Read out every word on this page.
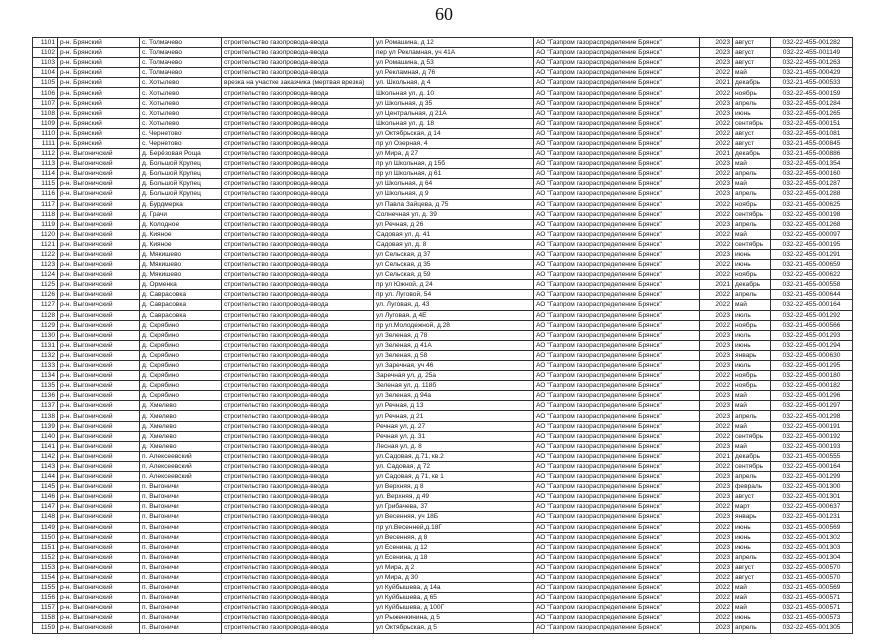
60
1101	р-н. Брянский	с. Толмачево	строительство газопровода-ввода	ул Ромашина, д 12	АО "Газпром газораспределение Брянск"	2023	август	032-22-455-001282
1102	р-н. Брянский	с. Толмачево	строительство газопровода-ввода	пер ул Рекламная, уч 41А	АО "Газпром газораспределение Брянск"	2023	август	032-22-455-001149
1103	р-н. Брянский	с. Толмачево	строительство газопровода-ввода	ул Ромашина, д 53	АО "Газпром газораспределение Брянск"	2023	август	032-22-455-001263
1104	р-н. Брянский	с. Толмачево	строительство газопровода-ввода	ул Рекламная, д 76	АО "Газпром газораспределение Брянск"	2022	май	032-21-455-000429
1105	р-н. Брянский	с. Хотылево	врезка на участке заказчика (мертвая врезка)	ул. Школьная, д 4	АО "Газпром газораспределение Брянск"	2021	декабрь	032-21-455-000533
1106	р-н. Брянский	с. Хотылево	строительство газопровода-ввода	Школьная ул, д. 10	АО "Газпром газораспределение Брянск"	2022	ноябрь	032-22-455-000159
1107	р-н. Брянский	с. Хотылево	строительство газопровода-ввода	ул Школьная, д 35	АО "Газпром газораспределение Брянск"	2023	апрель	032-22-455-001284
1108	р-н. Брянский	с. Хотылево	строительство газопровода-ввода	ул Центральная, д 21А	АО "Газпром газораспределение Брянск"	2023	июнь	032-22-455-001265
1109	р-н. Брянский	с. Хотылево	строительство газопровода-ввода	Школьная ул, д. 18	АО "Газпром газораспределение Брянск"	2022	сентябрь	032-22-455-000151
1110	р-н. Брянский	с. Чернетово	строительство газопровода-ввода	ул Октябрьская, д 14	АО "Газпром газораспределение Брянск"	2022	август	032-22-455-001081
1111	р-н. Брянский	с. Чернетово	строительство газопровода-ввода	пр ул Озерная, 4	АО "Газпром газораспределение Брянск"	2022	август	032-21-455-000845
1112	р-н. Выгоничский	д. Берёзовая Роща	строительство газопровода-ввода	ул Мира, д 27	АО "Газпром газораспределение Брянск"	2021	декабрь	032-21-455-000886
1113	р-н. Выгоничский	д. Большой Крупец	строительство газопровода-ввода	пр ул Школьная, д 15б	АО "Газпром газораспределение Брянск"	2023	май	032-22-455-001354
1114	р-н. Выгоничский	д. Большой Крупец	строительство газопровода-ввода	пр ул Школьная, д 61	АО "Газпром газораспределение Брянск"	2022	апрель	032-22-455-000160
1115	р-н. Выгоничский	д. Большой Крупец	строительство газопровода-ввода	ул Школьная, д 64	АО "Газпром газораспределение Брянск"	2023	май	032-22-455-001287
1116	р-н. Выгоничский	д. Большой Крупец	строительство газопровода-ввода	ул Школьная, д 9	АО "Газпром газораспределение Брянск"	2023	апрель	032-22-455-001288
1117	р-н. Выгоничский	д. Бурдмерка	строительство газопровода-ввода	ул Павла Зайцева, д 75	АО "Газпром газораспределение Брянск"	2022	ноябрь	032-21-455-000625
1118	р-н. Выгоничский	д. Грачи	строительство газопровода-ввода	Солнечная ул, д. 39	АО "Газпром газораспределение Брянск"	2022	сентябрь	032-22-455-000198
1119	р-н. Выгоничский	д. Колодное	строительство газопровода-ввода	ул Речная, д 26	АО "Газпром газораспределение Брянск"	2023	апрель	032-22-455-001268
1120	р-н. Выгоничский	д. Кияное	строительство газопровода-ввода	Садовая ул, д. 41	АО "Газпром газораспределение Брянск"	2022	май	032-22-455-000097
1121	р-н. Выгоничский	д. Кияное	строительство газопровода-ввода	Садовая ул, д. 8	АО "Газпром газораспределение Брянск"	2022	сентябрь	032-22-455-000195
1122	р-н. Выгоничский	д. Мякишево	строительство газопровода-ввода	ул Сельская, д 37	АО "Газпром газораспределение Брянск"	2023	июнь	032-22-455-001291
1123	р-н. Выгоничский	д. Мякишево	строительство газопровода-ввода	ул Сельская, д 35	АО "Газпром газораспределение Брянск"	2022	июнь	032-21-455-000659
1124	р-н. Выгоничский	д. Мякишево	строительство газопровода-ввода	ул Сельская, д 59	АО "Газпром газораспределение Брянск"	2022	ноябрь	032-22-455-000622
1125	р-н. Выгоничский	д. Орменка	строительство газопровода-ввода	пр ул Южной, д 24	АО "Газпром газораспределение Брянск"	2021	декабрь	032-21-455-000558
1126	р-н. Выгоничский	д. Саврасовка	строительство газопровода-ввода	пр ул. Луговой, 54	АО "Газпром газораспределение Брянск"	2022	апрель	032-21-455-000644
1127	р-н. Выгоничский	д. Саврасовка	строительство газопровода-ввода	ул. Луговая, д. 43	АО "Газпром газораспределение Брянск"	2022	май	032-22-455-000164
1128	р-н. Выгоничский	д. Саврасовка	строительство газопровода-ввода	ул Луговая, д 4Е	АО "Газпром газораспределение Брянск"	2023	июль	032-22-455-001292
1129	р-н. Выгоничский	д. Скрябино	строительство газопровода-ввода	пр ул.Молодежной, д.28	АО "Газпром газораспределение Брянск"	2022	ноябрь	032-21-455-000566
1130	р-н. Выгоничский	д. Скрябино	строительство газопровода-ввода	ул Зеленая, д 78	АО "Газпром газораспределение Брянск"	2023	июль	032-22-455-001293
1131	р-н. Выгоничский	д. Скрябино	строительство газопровода-ввода	ул Зеленая, д 41А	АО "Газпром газораспределение Брянск"	2023	июнь	032-22-455-001294
1132	р-н. Выгоничский	д. Скрябино	строительство газопровода-ввода	ул Зеленая, д 58	АО "Газпром газораспределение Брянск"	2023	январь	032-22-455-000630
1133	р-н. Выгоничский	д. Скрябино	строительство газопровода-ввода	ул Заречная, уч 46	АО "Газпром газораспределение Брянск"	2023	июль	032-22-455-001295
1134	р-н. Выгоничский	д. Скрябино	строительство газопровода-ввода	Заречная ул, д. 25а	АО "Газпром газораспределение Брянск"	2022	ноябрь	032-22-455-000180
1135	р-н. Выгоничский	д. Скрябино	строительство газопровода-ввода	Зеленая ул, д. 118б	АО "Газпром газораспределение Брянск"	2022	ноябрь	032-22-455-000182
1136	р-н. Выгоничский	д. Скрябино	строительство газопровода-ввода	ул Зеленая, д 94а	АО "Газпром газораспределение Брянск"	2023	май	032-22-455-001296
1137	р-н. Выгоничский	д. Хмелево	строительство газопровода-ввода	ул Речная, д 13	АО "Газпром газораспределение Брянск"	2023	май	032-22-455-001297
1138	р-н. Выгоничский	д. Хмелево	строительство газопровода-ввода	ул Речная, д 21	АО "Газпром газораспределение Брянск"	2023	апрель	032-22-455-001298
1139	р-н. Выгоничский	д. Хмелево	строительство газопровода-ввода	Речная ул, д. 27	АО "Газпром газораспределение Брянск"	2022	май	032-22-455-000191
1140	р-н. Выгоничский	д. Хмелево	строительство газопровода-ввода	Речная ул, д. 31	АО "Газпром газораспределение Брянск"	2022	сентябрь	032-22-455-000192
1141	р-н. Выгоничский	д. Хмелево	строительство газопровода-ввода	Лесная ул, д. 8	АО "Газпром газораспределение Брянск"	2023	май	032-22-455-000193
1142	р-н. Выгоничский	п. Алексеевский	строительство газопровода-ввода	ул.Садовая, д.71, кв.2	АО "Газпром газораспределение Брянск"	2021	декабрь	032-21-455-000555
1143	р-н. Выгоничский	п. Алексеевский	строительство газопровода-ввода	ул. Садовая, д 72	АО "Газпром газораспределение Брянск"	2022	сентябрь	032-22-455-000164
1144	р-н. Выгоничский	п. Алексеевский	строительство газопровода-ввода	ул Садовая, д 71, кв 1	АО "Газпром газораспределение Брянск"	2023	апрель	032-22-455-001299
1145	р-н. Выгоничский	п. Выгоничи	строительство газопровода-ввода	ул Верхняя, д 8	АО "Газпром газораспределение Брянск"	2023	февраль	032-22-455-001300
1146	р-н. Выгоничский	п. Выгоничи	строительство газопровода-ввода	ул. Верхняя, д 49	АО "Газпром газораспределение Брянск"	2023	август	032-22-455-001301
1147	р-н. Выгоничский	п. Выгоничи	строительство газопровода-ввода	ул Грибачева, 37	АО "Газпром газораспределение Брянск"	2022	март	032-22-455-000637
1148	р-н. Выгоничский	п. Выгоничи	строительство газопровода-ввода	ул Весенняя, уч 18Б	АО "Газпром газораспределение Брянск"	2023	январь	032-22-455-001231
1149	р-н. Выгоничский	п. Выгоничи	строительство газопровода-ввода	пр ул.Весенней,д.18Г	АО "Газпром газораспределение Брянск"	2022	июнь	032-21-455-000569
1150	р-н. Выгоничский	п. Выгоничи	строительство газопровода-ввода	ул Весенняя, д 8	АО "Газпром газораспределение Брянск"	2023	июнь	032-22-455-001302
1151	р-н. Выгоничский	п. Выгоничи	строительство газопровода-ввода	ул Есенина, д 12	АО "Газпром газораспределение Брянск"	2023	июнь	032-22-455-001303
1152	р-н. Выгоничский	п. Выгоничи	строительство газопровода-ввода	ул Есенина, д 18	АО "Газпром газораспределение Брянск"	2023	апрель	032-22-455-001304
1153	р-н. Выгоничский	п. Выгоничи	строительство газопровода-ввода	ул Мира, д 2	АО "Газпром газораспределение Брянск"	2023	август	032-22-455-000570
1154	р-н. Выгоничский	п. Выгоничи	строительство газопровода-ввода	ул Мира, д 30	АО "Газпром газораспределение Брянск"	2022	август	032-21-455-000570
1155	р-н. Выгоничский	п. Выгоничи	строительство газопровода-ввода	ул Куйбышева, д 14а	АО "Газпром газораспределение Брянск"	2022	май	032-21-455-000569
1156	р-н. Выгоничский	п. Выгоничи	строительство газопровода-ввода	ул Куйбышева, д 65	АО "Газпром газораспределение Брянск"	2022	май	032-21-455-000571
1157	р-н. Выгоничский	п. Выгоничи	строительство газопровода-ввода	ул Куйбышева, д 100Г	АО "Газпром газораспределение Брянск"	2022	май	032-21-455-000571
1158	р-н. Выгоничский	п. Выгоничи	строительство газопровода-ввода	ул Рыженкинина, д 5	АО "Газпром газораспределение Брянск"	2022	июнь	032-21-455-000573
1159	р-н. Выгоничский	п. Выгоничи	строительство газопровода-ввода	ул Октябрьская, д 5	АО "Газпром газораспределение Брянск"	2023	апрель	032-22-455-001305
